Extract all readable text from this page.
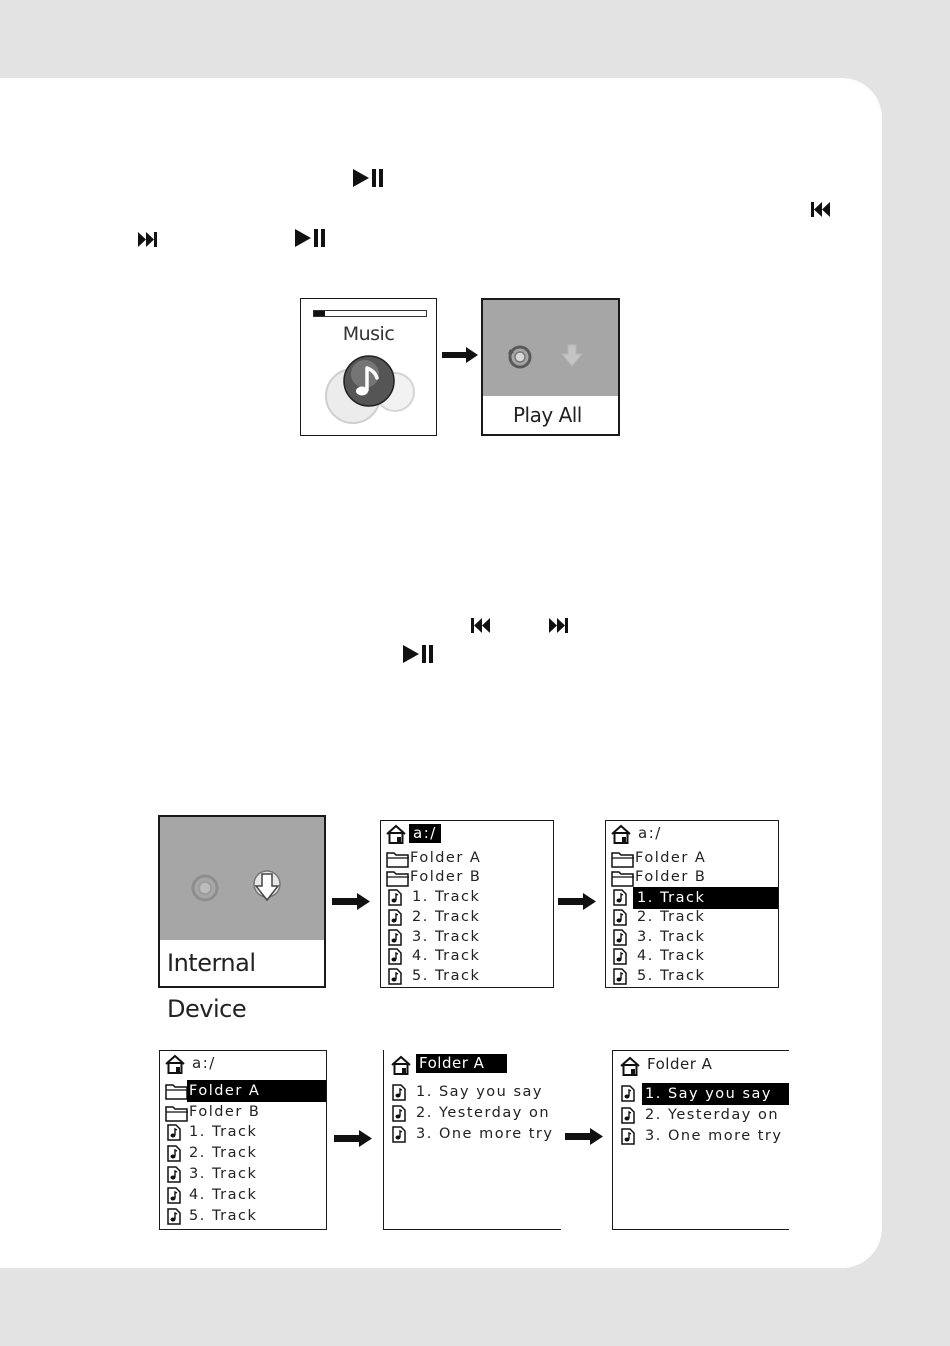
Music
Play All
Internal Device
a:/
Folder A
Folder B
1. Track
2. Track
3. Track
4. Track
5. Track
a:/
Folder A
Folder B
1. Track
2. Track
3. Track
4. Track
5. Track
a:/
Folder A
Folder B
1. Track
2. Track
3. Track
4. Track
5. Track
Folder A
1. Say you say
2. Yesterday on
3. One more try
Folder A
1. Say you say
2. Yesterday on
3. One more try
